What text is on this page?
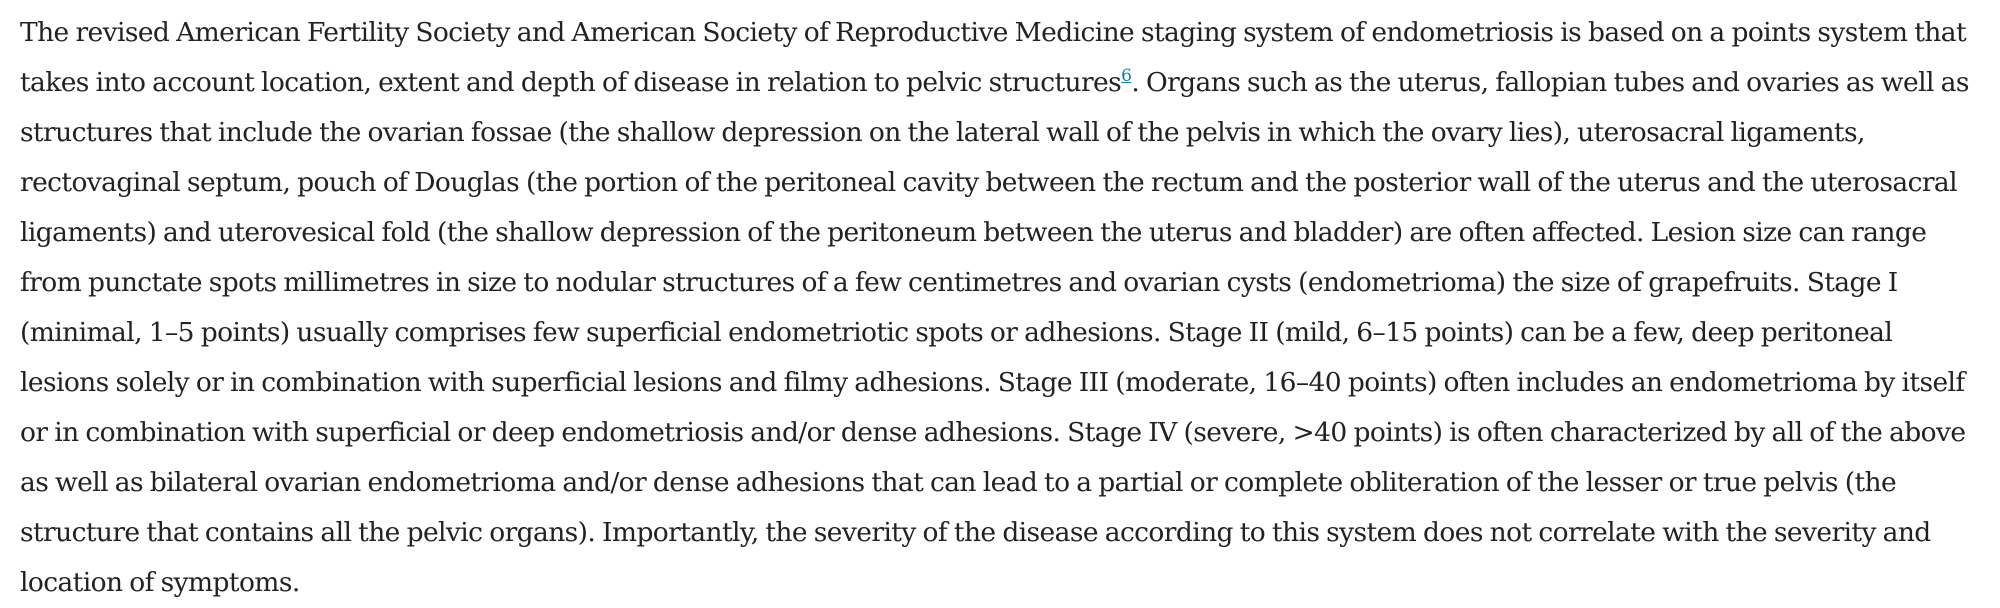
The revised American Fertility Society and American Society of Reproductive Medicine staging system of endometriosis is based on a points system that takes into account location, extent and depth of disease in relation to pelvic structures$^6$. Organs such as the uterus, fallopian tubes and ovaries as well as structures that include the ovarian fossae (the shallow depression on the lateral wall of the pelvis in which the ovary lies), uterosacral ligaments, rectovaginal septum, pouch of Douglas (the portion of the peritoneal cavity between the rectum and the posterior wall of the uterus and the uterosacral ligaments) and uterovesical fold (the shallow depression of the peritoneum between the uterus and bladder) are often affected. Lesion size can range from punctate spots millimetres in size to nodular structures of a few centimetres and ovarian cysts (endometrioma) the size of grapefruits. Stage I (minimal, 1–5 points) usually comprises few superficial endometriotic spots or adhesions. Stage II (mild, 6–15 points) can be a few, deep peritoneal lesions solely or in combination with superficial lesions and filmy adhesions. Stage III (moderate, 16–40 points) often includes an endometrioma by itself or in combination with superficial or deep endometriosis and/or dense adhesions. Stage IV (severe, >40 points) is often characterized by all of the above as well as bilateral ovarian endometrioma and/or dense adhesions that can lead to a partial or complete obliteration of the lesser or true pelvis (the structure that contains all the pelvic organs). Importantly, the severity of the disease according to this system does not correlate with the severity and location of symptoms.
